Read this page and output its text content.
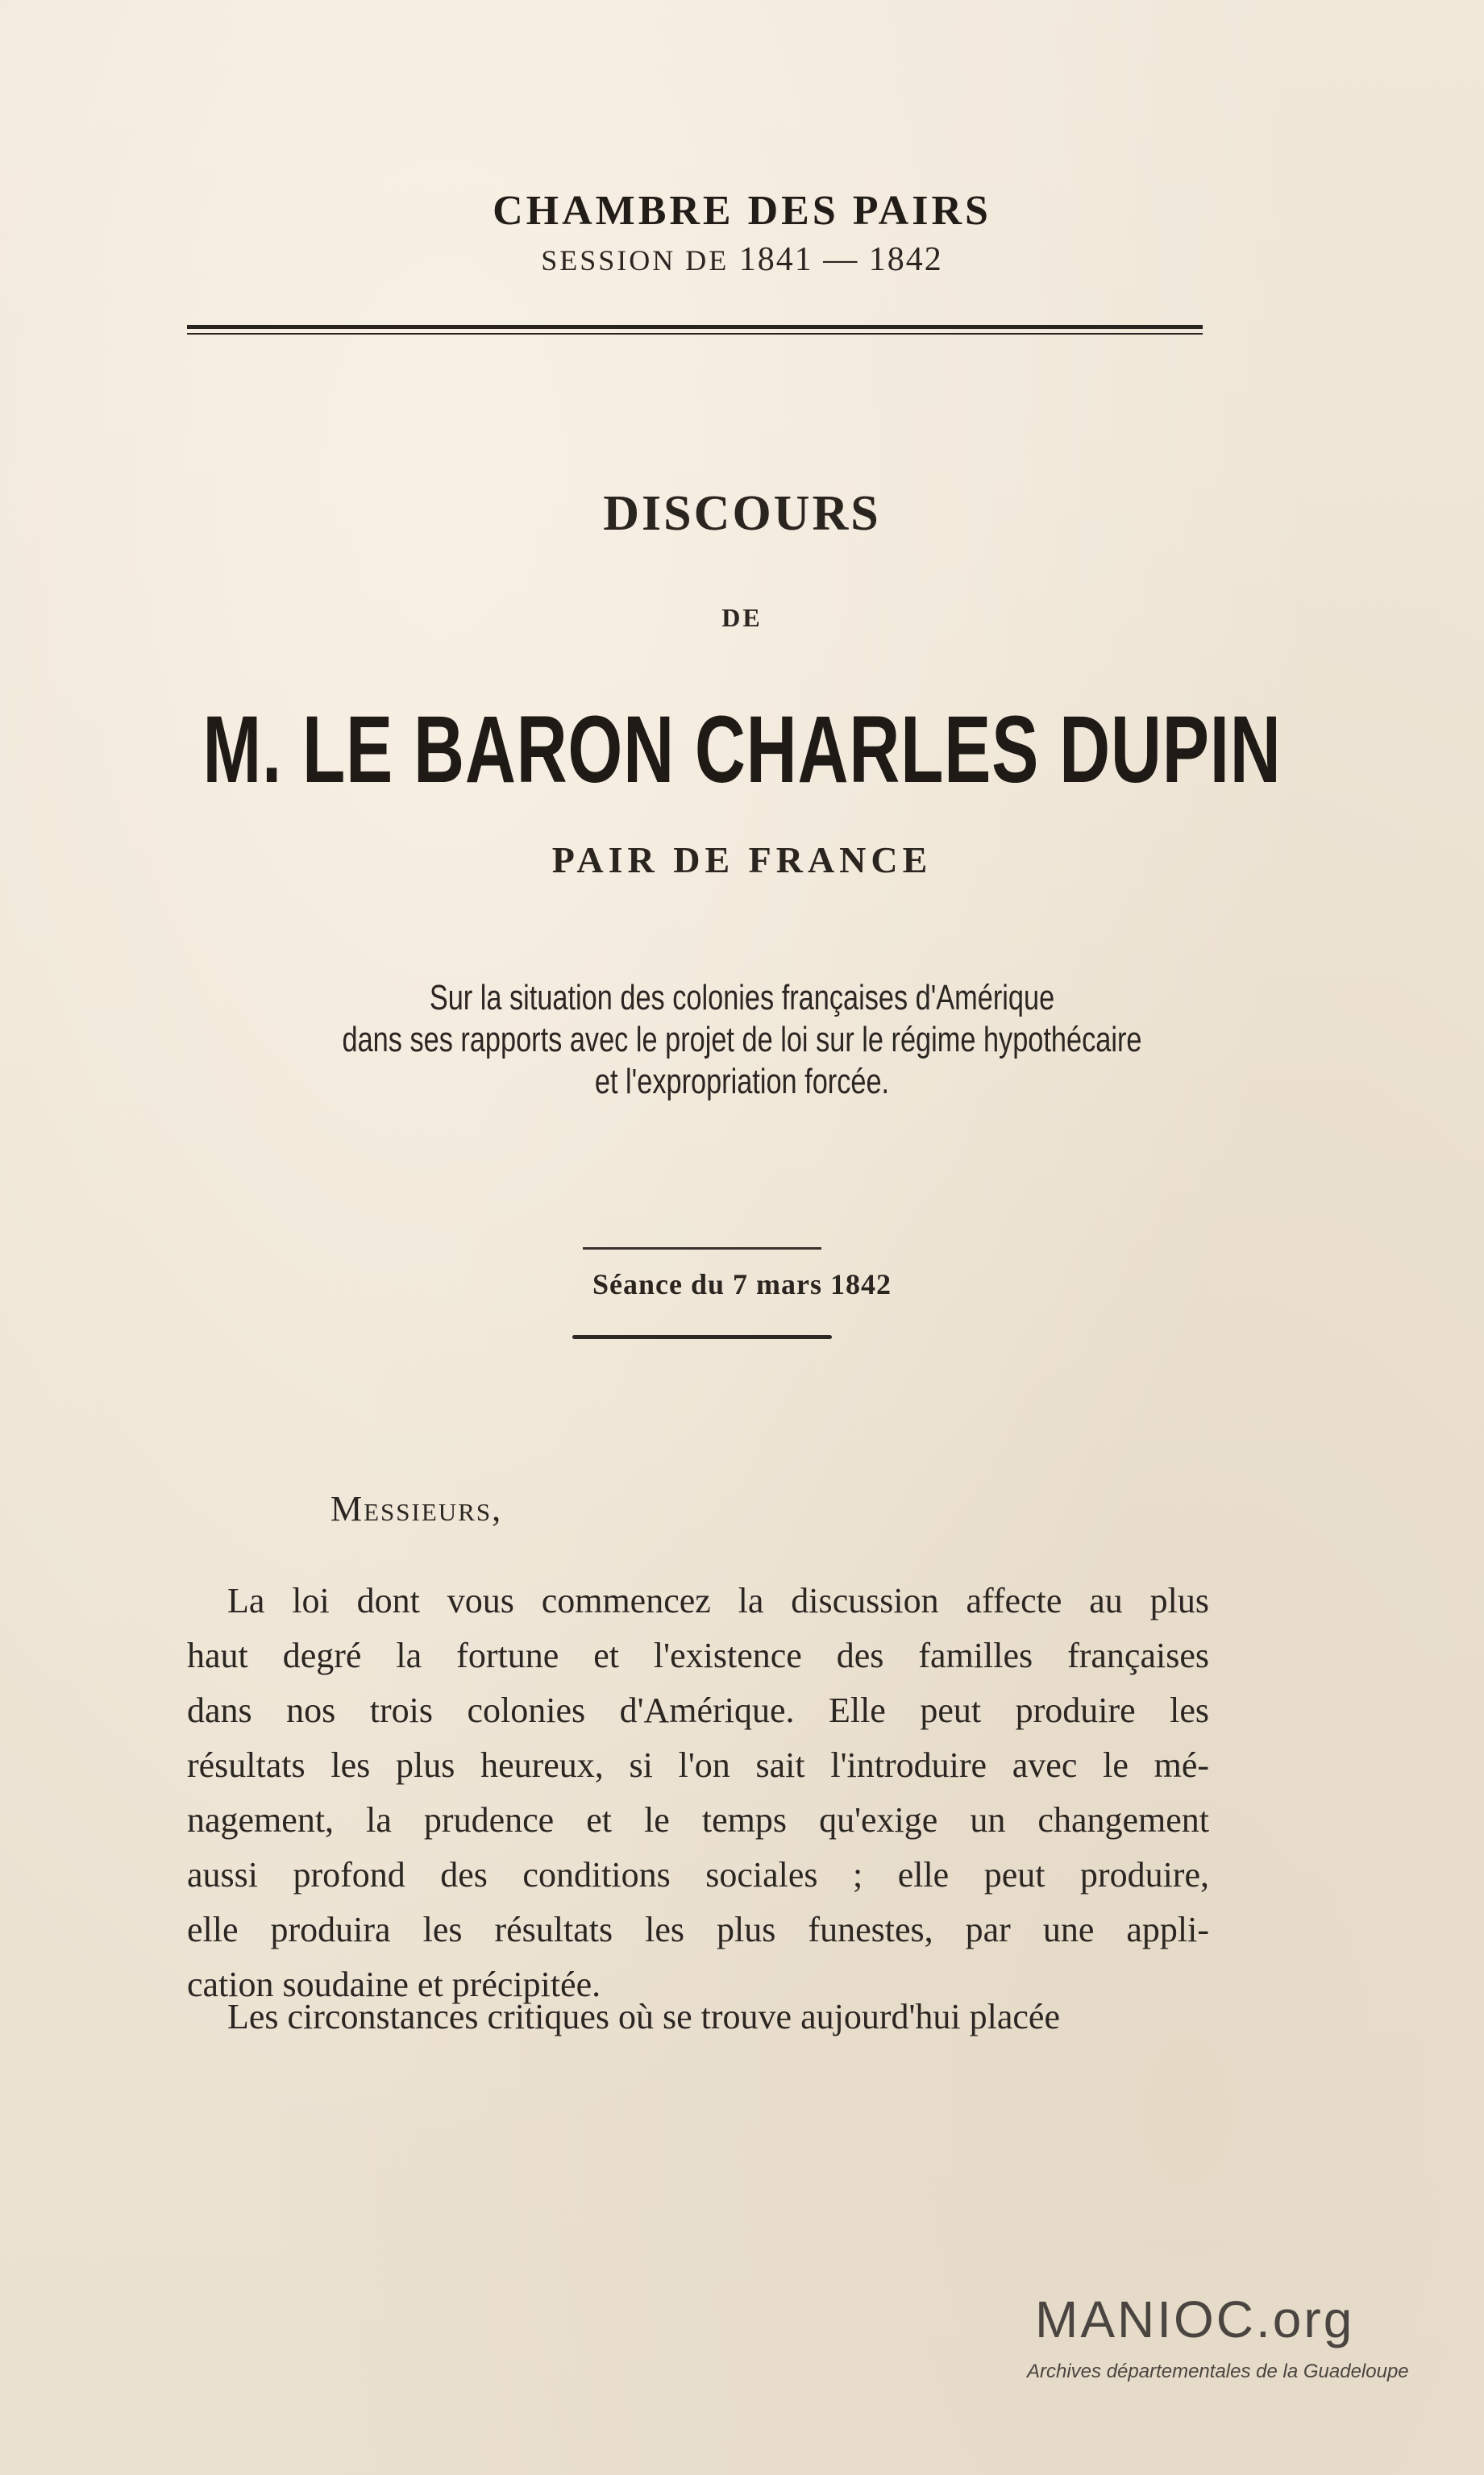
CHAMBRE DES PAIRS
SESSION DE 1841 — 1842
DISCOURS
DE
M. LE BARON CHARLES DUPIN
PAIR DE FRANCE
Sur la situation des colonies françaises d'Amérique
dans ses rapports avec le projet de loi sur le régime hypothécaire
et l'expropriation forcée.
Séance du 7 mars 1842
Messieurs,
La loi dont vous commencez la discussion affecte au plus
haut degré la fortune et l'existence des familles françaises
dans nos trois colonies d'Amérique. Elle peut produire les
résultats les plus heureux, si l'on sait l'introduire avec le mé-
nagement, la prudence et le temps qu'exige un changement
aussi profond des conditions sociales ; elle peut produire,
elle produira les résultats les plus funestes, par une appli-
cation soudaine et précipitée.
Les circonstances critiques où se trouve aujourd'hui placée
MANIOC.org
Archives départementales de la Guadeloupe
